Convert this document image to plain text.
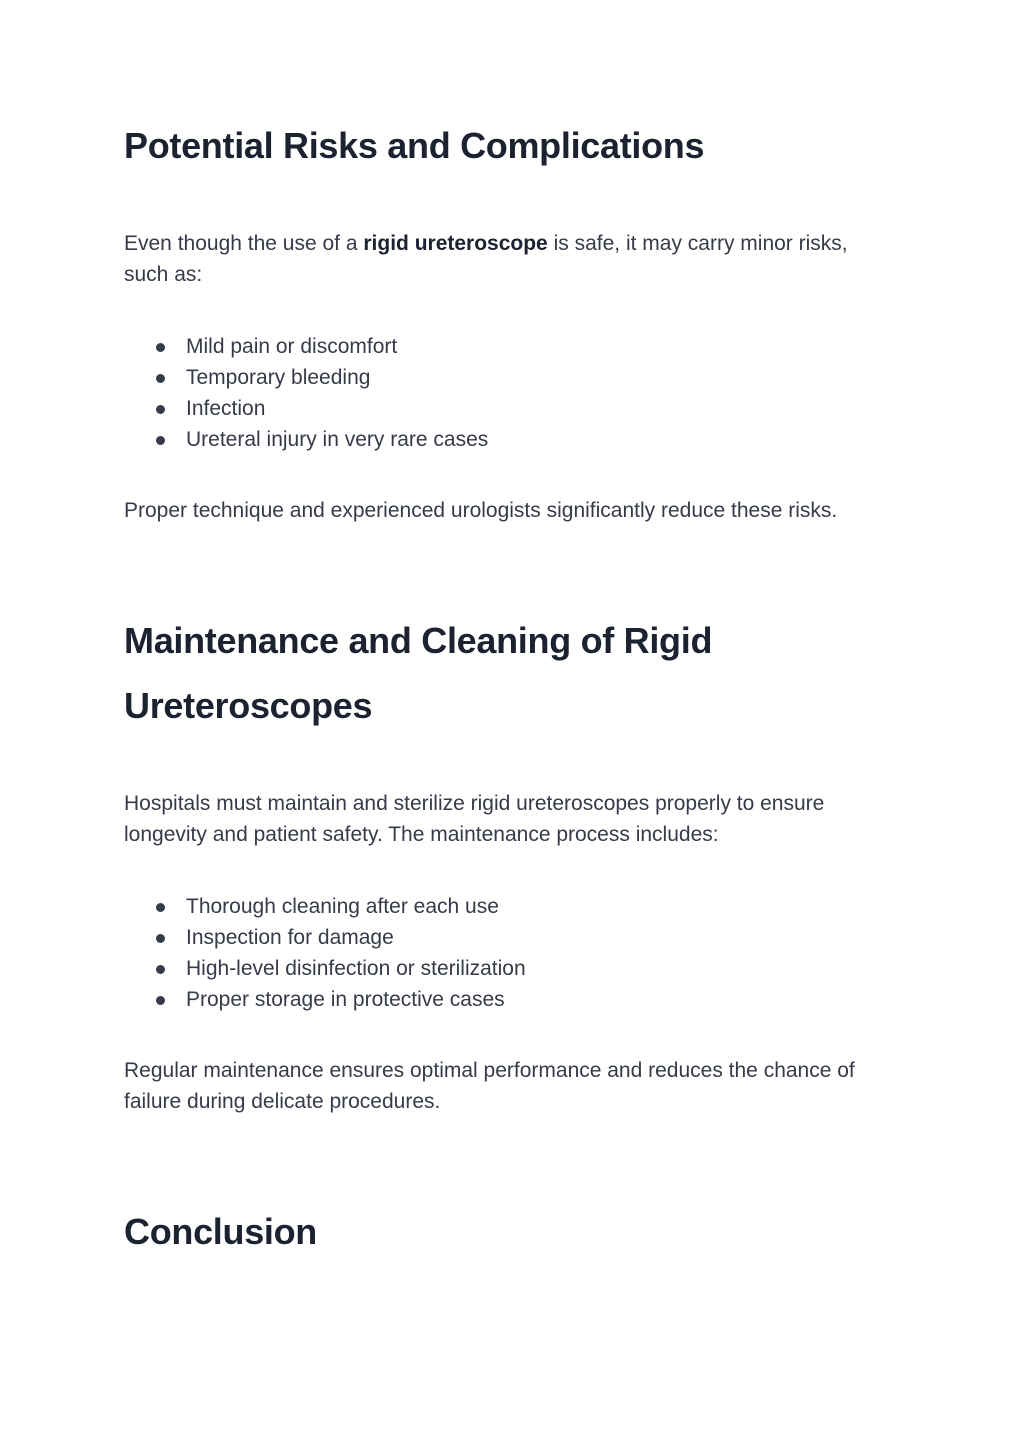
Potential Risks and Complications

Even though the use of a rigid ureteroscope is safe, it may carry minor risks, such as:

Mild pain or discomfort
Temporary bleeding
Infection
Ureteral injury in very rare cases

Proper technique and experienced urologists significantly reduce these risks.

Maintenance and Cleaning of Rigid Ureteroscopes

Hospitals must maintain and sterilize rigid ureteroscopes properly to ensure longevity and patient safety. The maintenance process includes:

Thorough cleaning after each use
Inspection for damage
High-level disinfection or sterilization
Proper storage in protective cases

Regular maintenance ensures optimal performance and reduces the chance of failure during delicate procedures.

Conclusion
